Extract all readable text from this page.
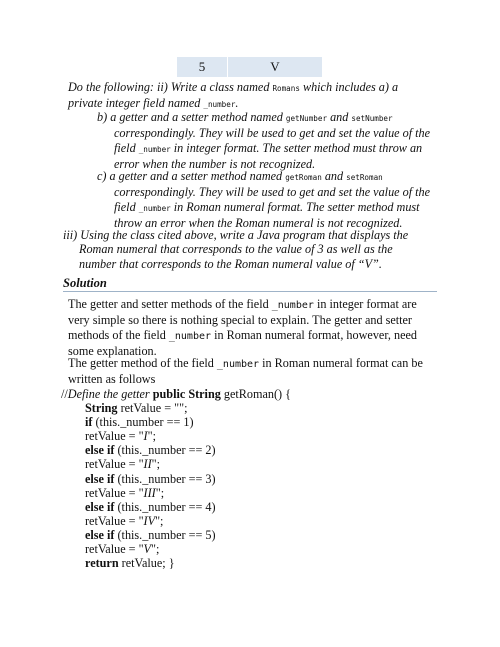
5	V
Do the following: ii) Write a class named Romans which includes a) a
private integer field named _number.
b) a getter and a setter method named getNumber and setNumber
correspondingly. They will be used to get and set the value of the
field _number in integer format. The setter method must throw an
error when the number is not recognized.
c) a getter and a setter method named getRoman and setRoman
correspondingly. They will be used to get and set the value of the
field _number in Roman numeral format. The setter method must
throw an error when the Roman numeral is not recognized.
iii) Using the class cited above, write a Java program that displays the
Roman numeral that corresponds to the value of 3 as well as the
number that corresponds to the Roman numeral value of “V”.
Solution
The getter and setter methods of the field _number in integer format are
very simple so there is nothing special to explain. The getter and setter
methods of the field _number in Roman numeral format, however, need
some explanation.
The getter method of the field _number in Roman numeral format can be
written as follows
//Define the getter public String getRoman() {
String retValue = "";
if (this._number == 1)
retValue = "I";
else if (this._number == 2)
retValue = "II";
else if (this._number == 3)
retValue = "III";
else if (this._number == 4)
retValue = "IV";
else if (this._number == 5)
retValue = "V";
return retValue; }
